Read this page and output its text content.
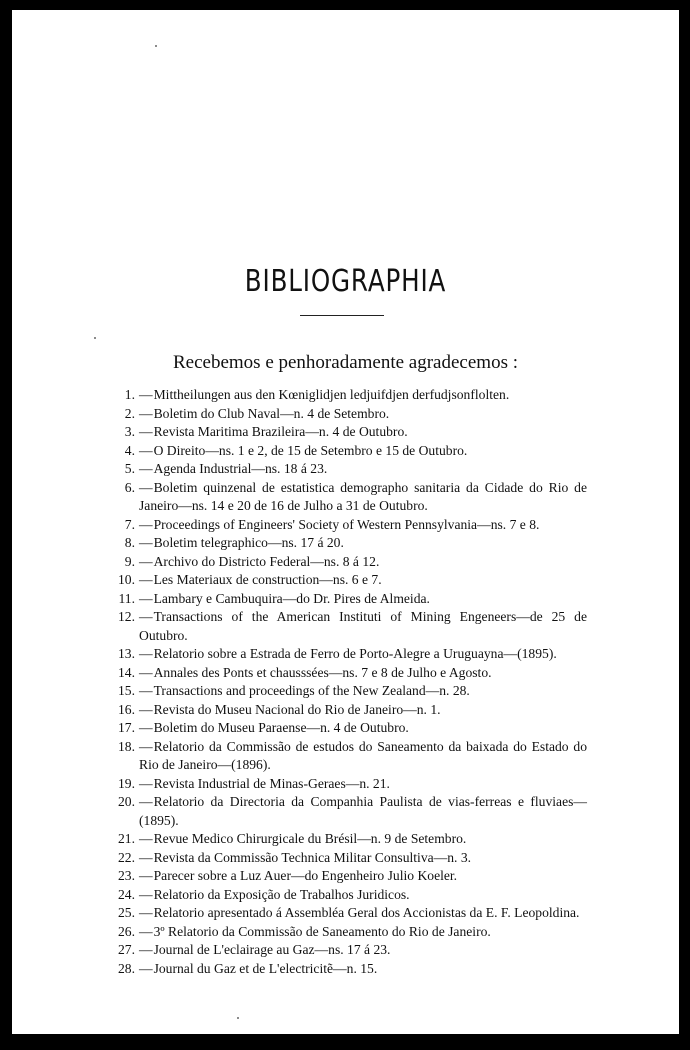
BIBLIOGRAPHIA
Recebemos e penhoradamente agradecemos :
1. —Mittheilungen aus den Kœniglidjen ledjuifdjen derfudjsonflolten.
2. —Boletim do Club Naval—n. 4 de Setembro.
3. —Revista Maritima Brazileira—n. 4 de Outubro.
4. —O Direito—ns. 1 e 2, de 15 de Setembro e 15 de Outubro.
5. —Agenda Industrial—ns. 18 á 23.
6. —Boletim quinzenal de estatistica demographo sanitaria da Cidade do Rio de Janeiro—ns. 14 e 20 de 16 de Julho a 31 de Outubro.
7. —Proceedings of Engineers' Society of Western Pennsylvania—ns. 7 e 8.
8. —Boletim telegraphico—ns. 17 á 20.
9. —Archivo do Districto Federal—ns. 8 á 12.
10. —Les Materiaux de construction—ns. 6 e 7.
11. —Lambary e Cambuquira—do Dr. Pires de Almeida.
12. —Transactions of the American Instituti of Mining Engeneers—de 25 de Outubro.
13. —Relatorio sobre a Estrada de Ferro de Porto-Alegre a Uruguayna—(1895).
14. —Annales des Ponts et chausssées—ns. 7 e 8 de Julho e Agosto.
15. —Transactions and proceedings of the New Zealand—n. 28.
16. —Revista do Museu Nacional do Rio de Janeiro—n. 1.
17. —Boletim do Museu Paraense—n. 4 de Outubro.
18. —Relatorio da Commissão de estudos do Saneamento da baixada do Estado do Rio de Janeiro—(1896).
19. —Revista Industrial de Minas-Geraes—n. 21.
20. —Relatorio da Directoria da Companhia Paulista de vias-ferreas e fluviaes—(1895).
21. —Revue Medico Chirurgicale du Brésil—n. 9 de Setembro.
22. —Revista da Commissão Technica Militar Consultiva—n. 3.
23. —Parecer sobre a Luz Auer—do Engenheiro Julio Koeler.
24. —Relatorio da Exposição de Trabalhos Juridicos.
25. —Relatorio apresentado á Assembléa Geral dos Accionistas da E. F. Leopoldina.
26. —3º Relatorio da Commissão de Saneamento do Rio de Janeiro.
27. —Journal de L'eclairage au Gaz—ns. 17 á 23.
28. —Journal du Gaz et de L'electricitẽ—n. 15.
